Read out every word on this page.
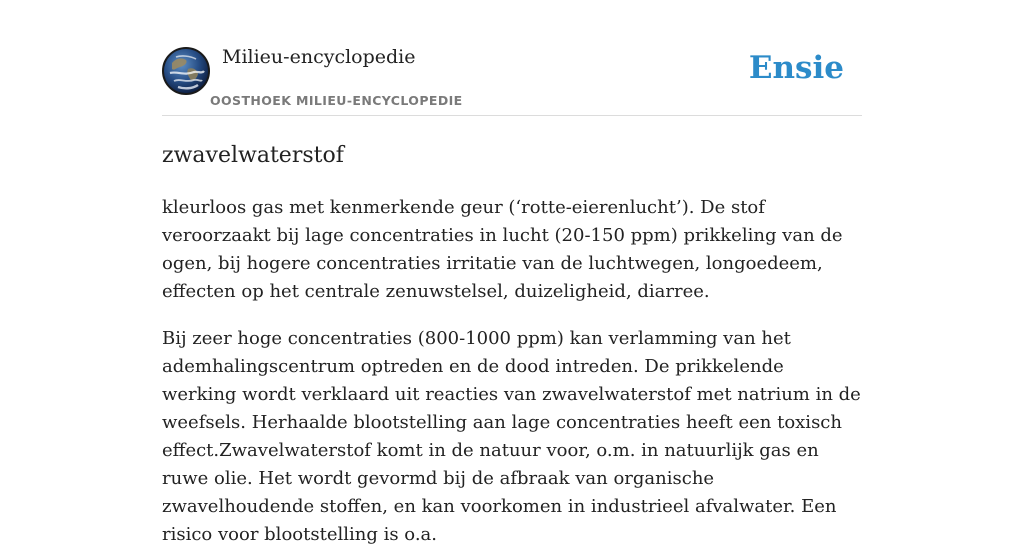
Milieu-encyclopedie
OOSTHOEK MILIEU-ENCYCLOPEDIE
Ensie
zwavelwaterstof

kleurloos gas met kenmerkende geur (‘rotte-eierenlucht’). De stof veroorzaakt bij lage concentraties in lucht (20-150 ppm) prikkeling van de ogen, bij hogere concentraties irritatie van de luchtwegen, longoedeem, effecten op het centrale zenuwstelsel, duizeligheid, diarree.

Bij zeer hoge concentraties (800-1000 ppm) kan verlamming van het ademhalingscentrum optreden en de dood intreden. De prikkelende werking wordt verklaard uit reacties van zwavelwaterstof met natrium in de weefsels. Herhaalde blootstelling aan lage concentraties heeft een toxisch effect.Zwavelwaterstof komt in de natuur voor, o.m. in natuurlijk gas en ruwe olie. Het wordt gevormd bij de afbraak van organische zwavelhoudende stoffen, en kan voorkomen in industrieel afvalwater. Een risico voor blootstelling is o.a.
